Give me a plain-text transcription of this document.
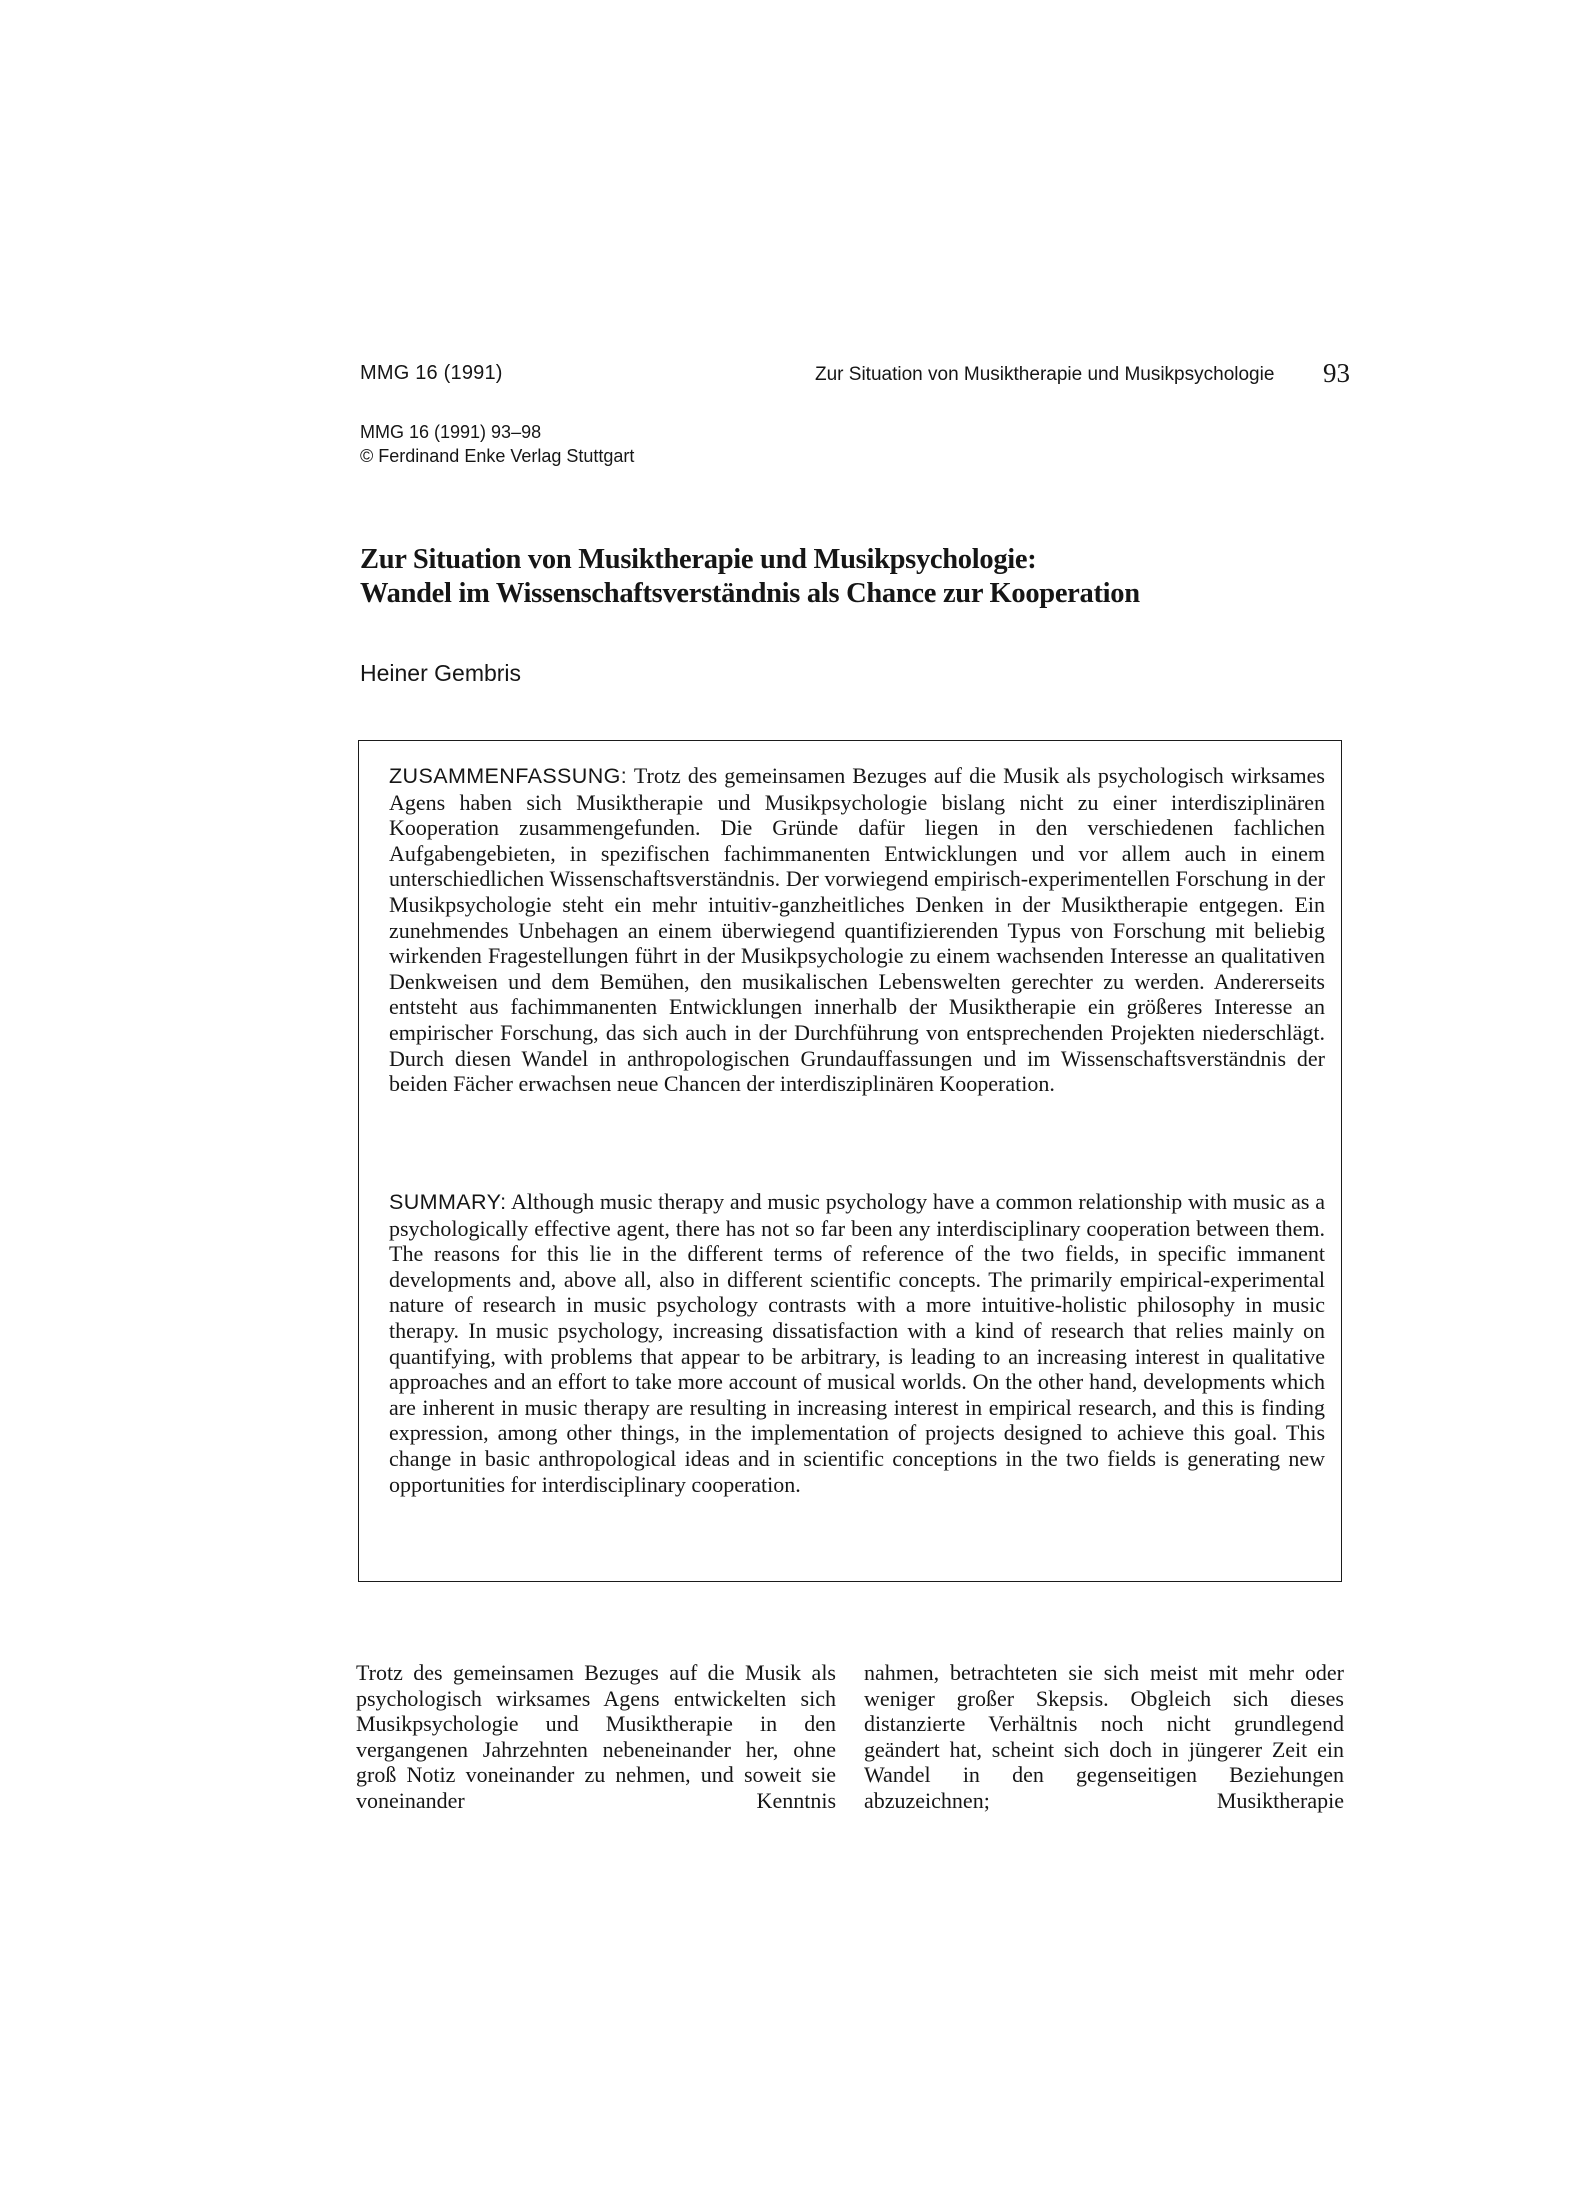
MMG 16 (1991)	Zur Situation von Musiktherapie und Musikpsychologie 93
MMG 16 (1991) 93–98
© Ferdinand Enke Verlag Stuttgart
Zur Situation von Musiktherapie und Musikpsychologie:
Wandel im Wissenschaftsverständnis als Chance zur Kooperation
Heiner Gembris
ZUSAMMENFASSUNG: Trotz des gemeinsamen Bezuges auf die Musik als psychologisch wirksames Agens haben sich Musiktherapie und Musikpsychologie bislang nicht zu einer interdisziplinären Kooperation zusammengefunden. Die Gründe dafür liegen in den verschiedenen fachlichen Aufgabengebieten, in spezifischen fachimmanenten Entwicklungen und vor allem auch in einem unterschiedlichen Wissenschaftsverständnis. Der vorwiegend empirisch-experimentellen Forschung in der Musikpsychologie steht ein mehr intuitiv-ganzheitliches Denken in der Musiktherapie entgegen. Ein zunehmendes Unbehagen an einem überwiegend quantifizierenden Typus von Forschung mit beliebig wirkenden Fragestellungen führt in der Musikpsychologie zu einem wachsenden Interesse an qualitativen Denkweisen und dem Bemühen, den musikalischen Lebenswelten gerechter zu werden. Andererseits entsteht aus fachimmanenten Entwicklungen innerhalb der Musiktherapie ein größeres Interesse an empirischer Forschung, das sich auch in der Durchführung von entsprechenden Projekten niederschlägt. Durch diesen Wandel in anthropologischen Grundauffassungen und im Wissenschaftsverständnis der beiden Fächer erwachsen neue Chancen der interdisziplinären Kooperation.
SUMMARY: Although music therapy and music psychology have a common relationship with music as a psychologically effective agent, there has not so far been any interdisciplinary cooperation between them. The reasons for this lie in the different terms of reference of the two fields, in specific immanent developments and, above all, also in different scientific concepts. The primarily empirical-experimental nature of research in music psychology contrasts with a more intuitive-holistic philosophy in music therapy. In music psychology, increasing dissatisfaction with a kind of research that relies mainly on quantifying, with problems that appear to be arbitrary, is leading to an increasing interest in qualitative approaches and an effort to take more account of musical worlds. On the other hand, developments which are inherent in music therapy are resulting in increasing interest in empirical research, and this is finding expression, among other things, in the implementation of projects designed to achieve this goal. This change in basic anthropological ideas and in scientific conceptions in the two fields is generating new opportunities for interdisciplinary cooperation.
Trotz des gemeinsamen Bezuges auf die Musik als psychologisch wirksames Agens entwickelten sich Musikpsychologie und Musiktherapie in den vergangenen Jahrzehnten nebeneinander her, ohne groß Notiz voneinander zu nehmen, und soweit sie voneinander Kenntnis
nahmen, betrachteten sie sich meist mit mehr oder weniger großer Skepsis. Obgleich sich dieses distanzierte Verhältnis noch nicht grundlegend geändert hat, scheint sich doch in jüngerer Zeit ein Wandel in den gegenseitigen Beziehungen abzuzeichnen; Musiktherapie
